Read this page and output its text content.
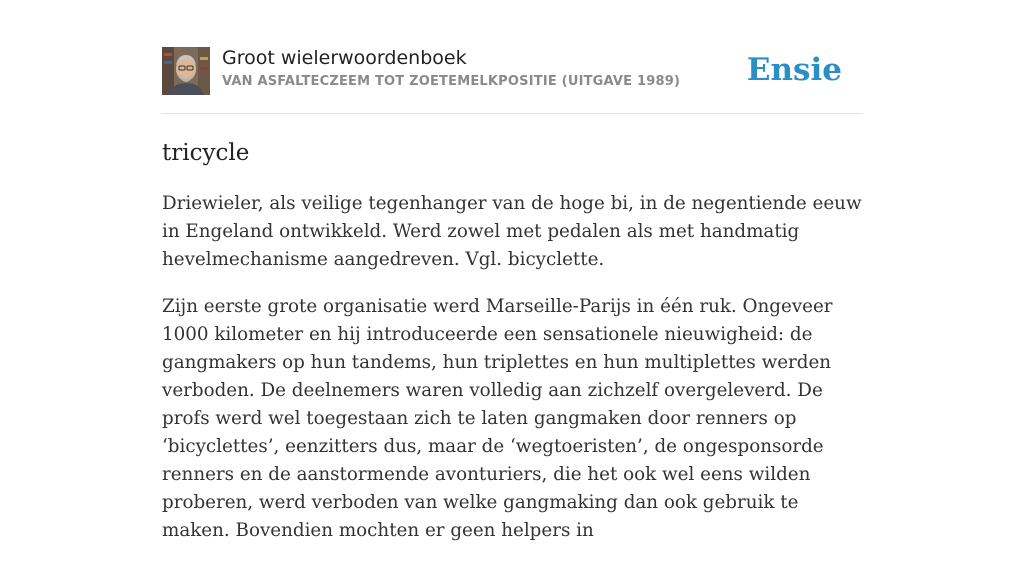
Groot wielerwoordenboek
VAN ASFALTECZEEM TOT ZOETEMELKPOSITIE (UITGAVE 1989) Ensie
tricycle

Driewieler, als veilige tegenhanger van de hoge bi, in de negentiende eeuw in Engeland ontwikkeld. Werd zowel met pedalen als met handmatig hevelmechanisme aangedreven. Vgl. bicyclette.

Zijn eerste grote organisatie werd Marseille-Parijs in één ruk. Ongeveer 1000 kilometer en hij introduceerde een sensationele nieuwigheid: de gangmakers op hun tandems, hun triplettes en hun multiplettes werden verboden. De deelnemers waren volledig aan zichzelf overgeleverd. De profs werd wel toegestaan zich te laten gangmaken door renners op ‘bicyclettes’, eenzitters dus, maar de ‘wegtoeristen’, de ongesponsorde renners en de aanstormende avonturiers, die het ook wel eens wilden proberen, werd verboden van welke gangmaking dan ook gebruik te maken. Bovendien mochten er geen helpers in
